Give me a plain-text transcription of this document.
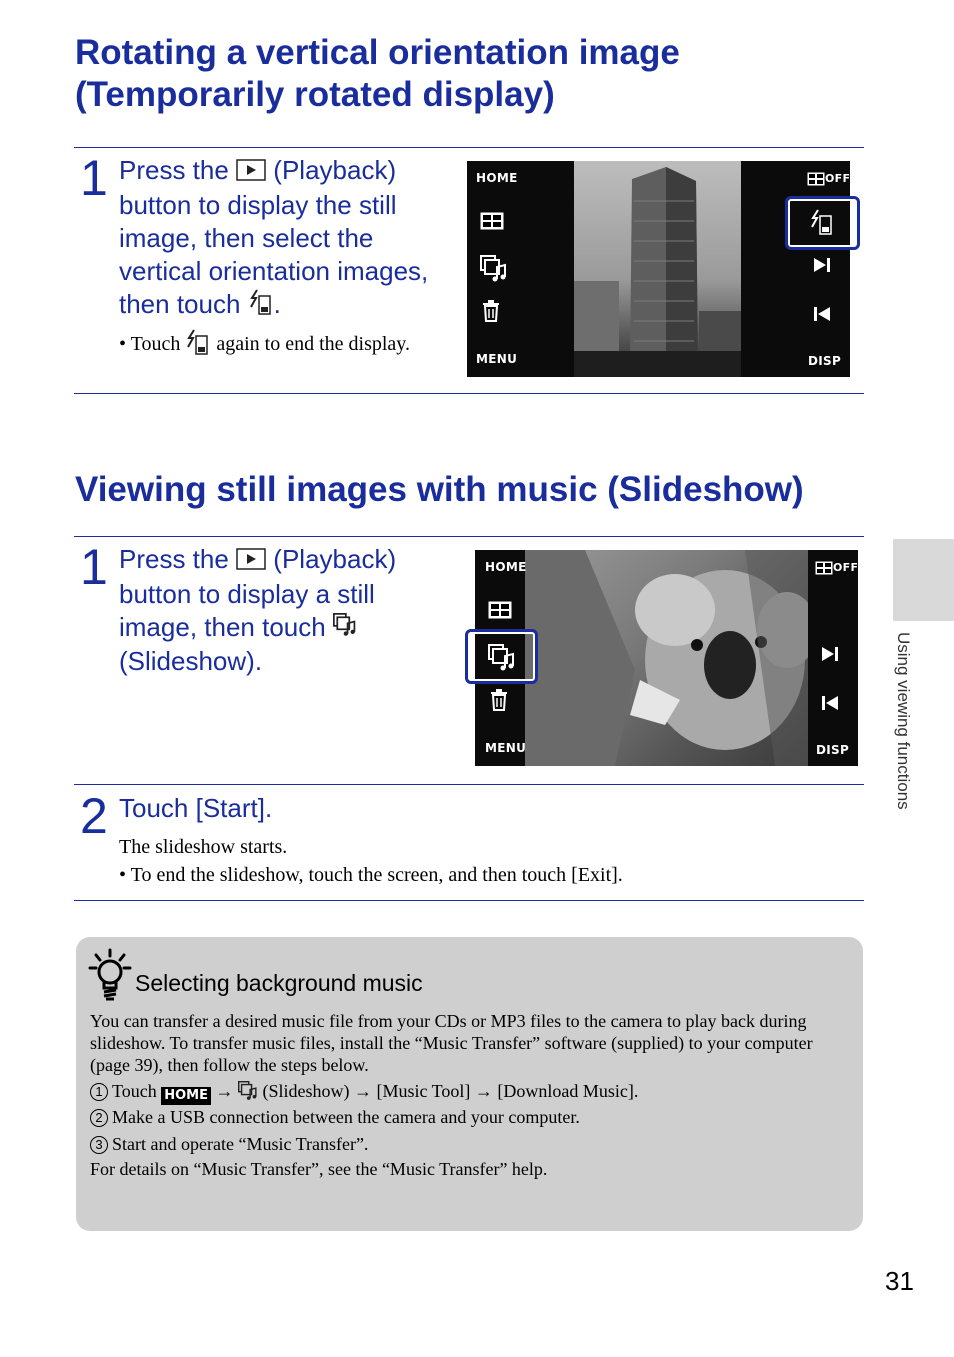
Rotating a vertical orientation image
(Temporarily rotated display)
1 Press the (Playback)
button to display the still
image, then select the
vertical orientation images,
then touch .
• Touch again to end the display.
HOME
MENU
OFF
DISP
Viewing still images with music (Slideshow)
1 Press the (Playback)
button to display a still
image, then touch
(Slideshow).
HOME
MENU
OFF
DISP
2 Touch [Start].
The slideshow starts.
• To end the slideshow, touch the screen, and then touch [Exit].
Selecting background music
You can transfer a desired music file from your CDs or MP3 files to the camera to play back during slideshow. To transfer music files, install the “Music Transfer” software (supplied) to your computer (page 39), then follow the steps below.
1 Touch HOME → (Slideshow) → [Music Tool] → [Download Music].
2 Make a USB connection between the camera and your computer.
3 Start and operate “Music Transfer”.
For details on “Music Transfer”, see the “Music Transfer” help.
Using viewing functions
31
